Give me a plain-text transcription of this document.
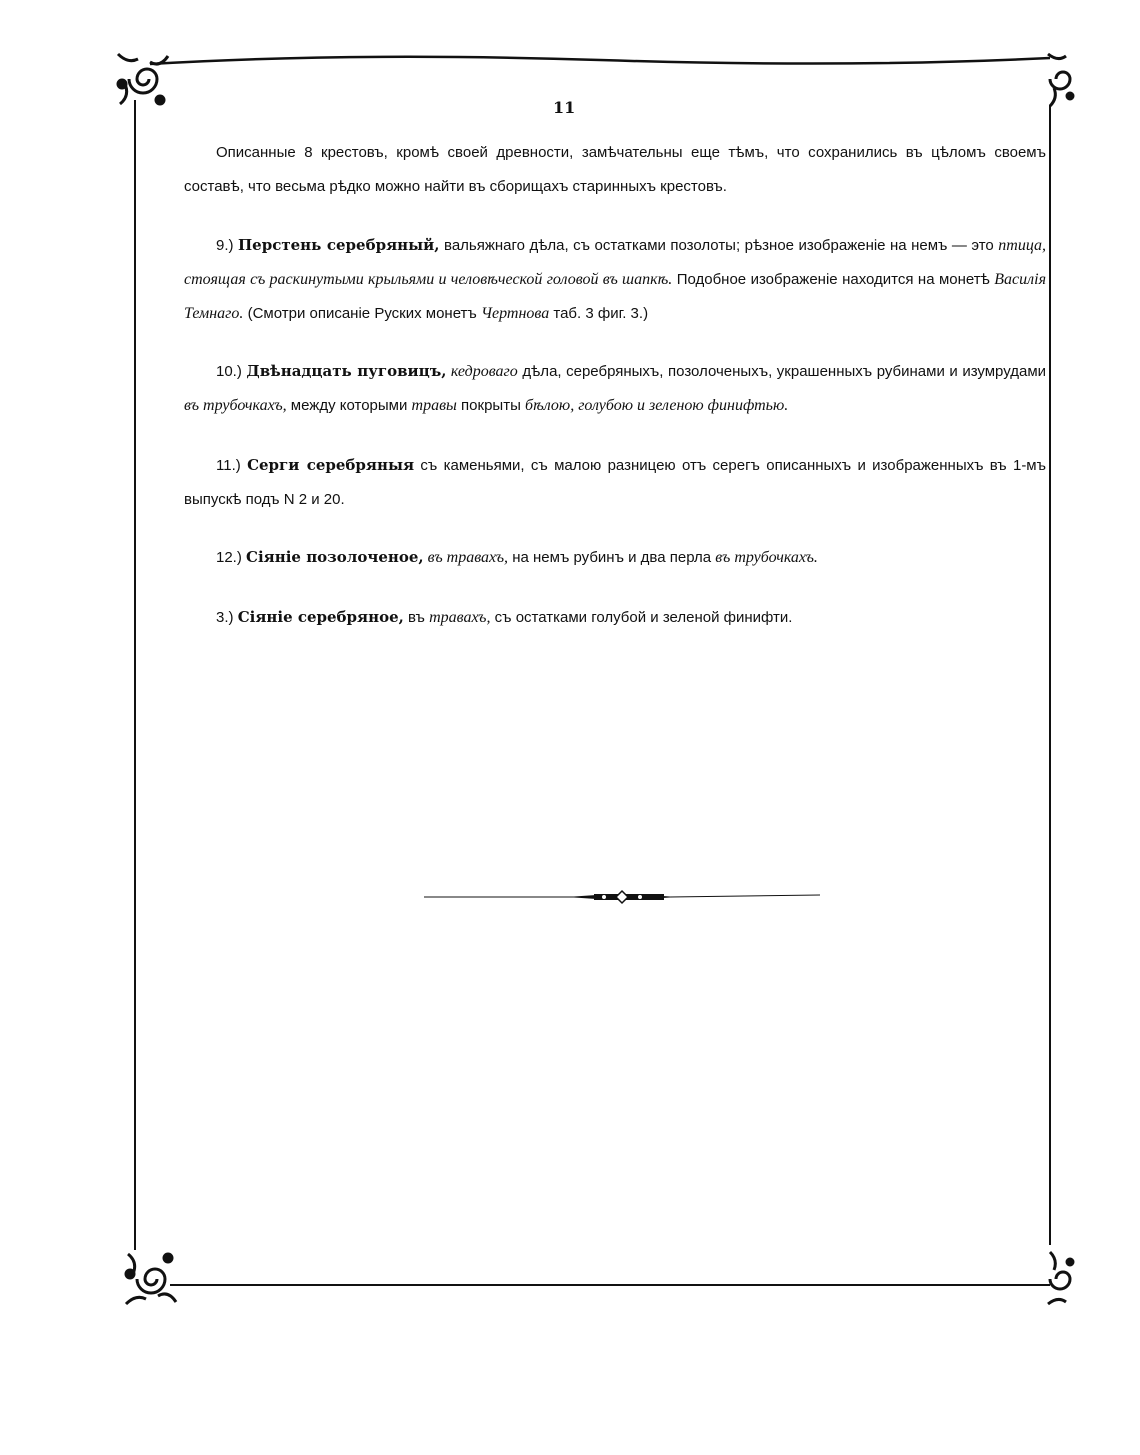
11
Описанные 8 крестовъ, кромѣ своей древности, замѣчательны еще тѣмъ, что сохранились въ цѣломъ своемъ составѣ, что весьма рѣдко можно найти въ сборищахъ старинныхъ крестовъ.
9.) Перстень серебряный, вальяжнаго дѣла, съ остатками позолоты; рѣзное изображеніе на немъ — это птица, стоящая съ раскинутыми крыльями и человѣческой головой въ шапкѣ. Подобное изображеніе находится на монетѣ Василія Темнаго. (Смотри описаніе Руских монетъ Чертнова таб. 3 фиг. 3.)
10.) Двѣнадцать пуговицъ, кедроваго дѣла, серебряныхъ, позолоченыхъ, украшенныхъ рубинами и изумрудами въ трубочкахъ, между которыми травы покрыты бѣлою, голубою и зеленою финифтью.
11.) Серги серебряныя съ каменьями, съ малою разницею отъ серегъ описанныхъ и изображенныхъ въ 1-мъ выпускѣ подъ N 2 и 20.
12.) Сіяніе позолоченое, въ травахъ, на немъ рубинъ и два перла въ трубочкахъ.
3.) Сіяніе серебряное, въ травахъ, съ остатками голубой и зеленой финифти.
